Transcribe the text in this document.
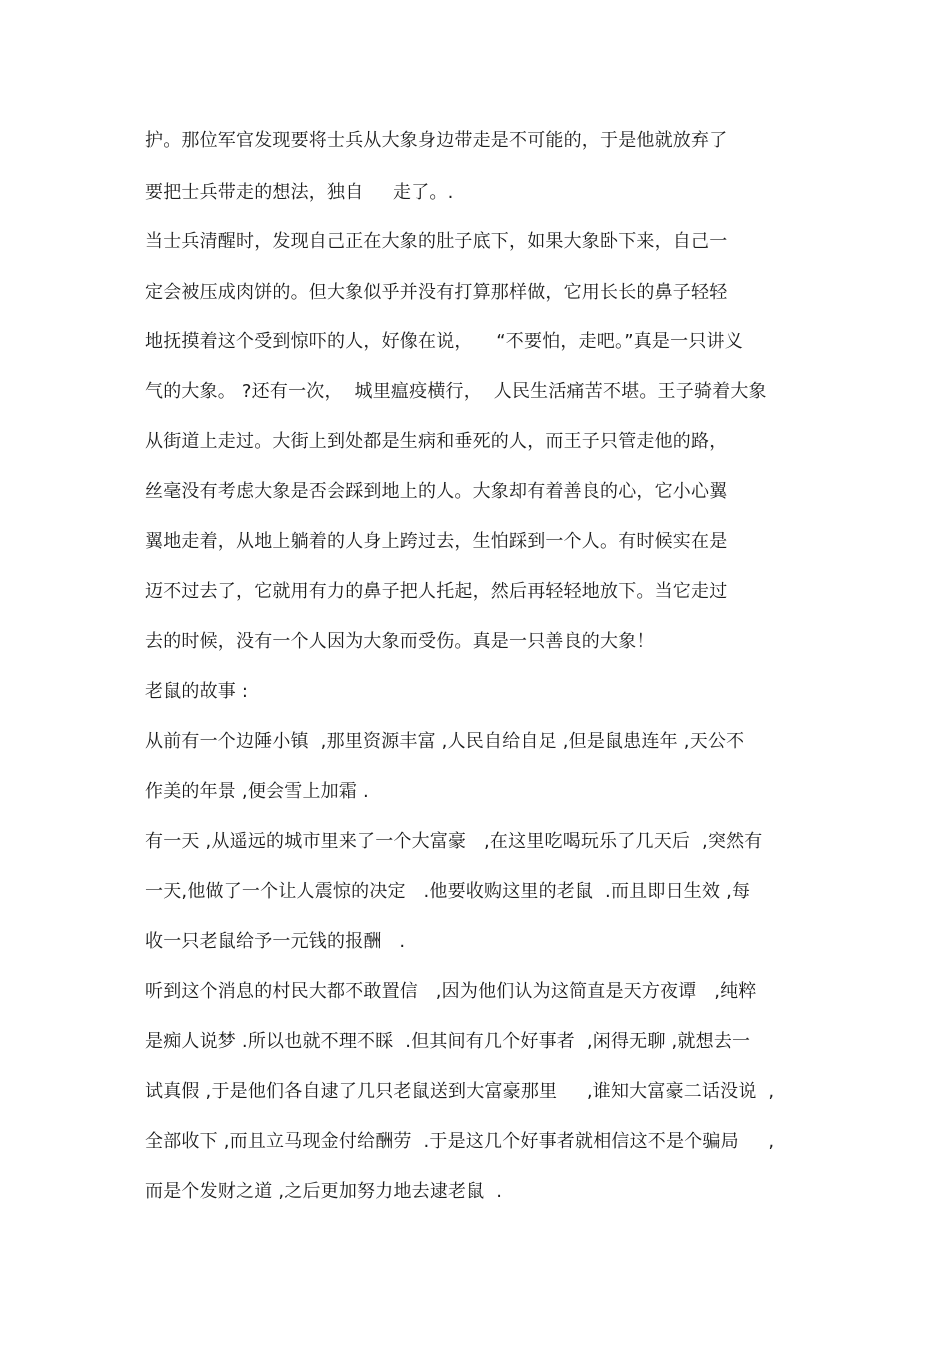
护。那位军官发现要将士兵从大象身边带走是不可能的，于是他就放弃了
要把士兵带走的想法，独自     走了。.
当士兵清醒时，发现自己正在大象的肚子底下，如果大象卧下来，自己一
定会被压成肉饼的。但大象似乎并没有打算那样做，它用长长的鼻子轻轻
地抚摸着这个受到惊吓的人，好像在说，    “不要怕，走吧。”真是一只讲义
气的大象。 ?还有一次，  城里瘟疫横行，  人民生活痛苦不堪。王子骑着大象
从街道上走过。大街上到处都是生病和垂死的人，而王子只管走他的路，
丝毫没有考虑大象是否会踩到地上的人。大象却有着善良的心，它小心翼
翼地走着，从地上躺着的人身上跨过去，生怕踩到一个人。有时候实在是
迈不过去了，它就用有力的鼻子把人托起，然后再轻轻地放下。当它走过
去的时候，没有一个人因为大象而受伤。真是一只善良的大象！
老鼠的故事 :
从前有一个边陲小镇  ,那里资源丰富 ,人民自给自足 ,但是鼠患连年 ,天公不
作美的年景 ,便会雪上加霜 .
有一天 ,从遥远的城市里来了一个大富豪   ,在这里吃喝玩乐了几天后  ,突然有
一天,他做了一个让人震惊的决定   .他要收购这里的老鼠  .而且即日生效 ,每
收一只老鼠给予一元钱的报酬   .
听到这个消息的村民大都不敢置信   ,因为他们认为这简直是天方夜谭   ,纯粹
是痴人说梦 .所以也就不理不睬  .但其间有几个好事者  ,闲得无聊 ,就想去一
试真假 ,于是他们各自逮了几只老鼠送到大富豪那里     ,谁知大富豪二话没说  ,
全部收下 ,而且立马现金付给酬劳  .于是这几个好事者就相信这不是个骗局     ,
而是个发财之道 ,之后更加努力地去逮老鼠  .
